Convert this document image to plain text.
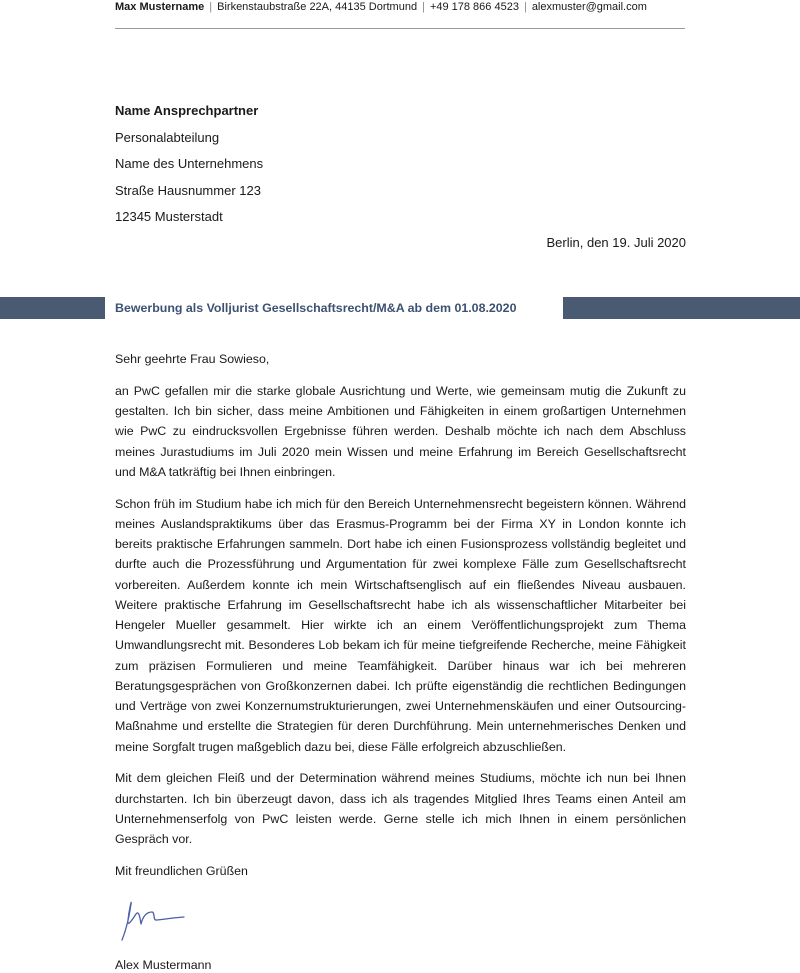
Max Mustername | Birkenstaubstraße 22A, 44135 Dortmund | +49 178 866 4523 | alexmuster@gmail.com
Name Ansprechpartner
Personalabteilung
Name des Unternehmens
Straße Hausnummer 123
12345 Musterstadt
Berlin, den 19. Juli 2020
Bewerbung als Volljurist Gesellschaftsrecht/M&A ab dem 01.08.2020

Sehr geehrte Frau Sowieso,

an PwC gefallen mir die starke globale Ausrichtung und Werte, wie gemeinsam mutig die Zukunft zu gestalten. Ich bin sicher, dass meine Ambitionen und Fähigkeiten in einem großartigen Unternehmen wie PwC zu eindrucksvollen Ergebnisse führen werden. Deshalb möchte ich nach dem Abschluss meines Jurastudiums im Juli 2020 mein Wissen und meine Erfahrung im Bereich Gesellschaftsrecht und M&A tatkräftig bei Ihnen einbringen.

Schon früh im Studium habe ich mich für den Bereich Unternehmensrecht begeistern können. Während meines Auslandspraktikums über das Erasmus-Programm bei der Firma XY in London konnte ich bereits praktische Erfahrungen sammeln. Dort habe ich einen Fusionsprozess vollständig begleitet und durfte auch die Prozessführung und Argumentation für zwei komplexe Fälle zum Gesellschaftsrecht vorbereiten. Außerdem konnte ich mein Wirtschaftsenglisch auf ein fließendes Niveau ausbauen. Weitere praktische Erfahrung im Gesellschaftsrecht habe ich als wissenschaftlicher Mitarbeiter bei Hengeler Mueller gesammelt. Hier wirkte ich an einem Veröffentlichungsprojekt zum Thema Umwandlungsrecht mit. Besonderes Lob bekam ich für meine tiefgreifende Recherche, meine Fähigkeit zum präzisen Formulieren und meine Teamfähigkeit. Darüber hinaus war ich bei mehreren Beratungsgesprächen von Großkonzernen dabei. Ich prüfte eigenständig die rechtlichen Bedingungen und Verträge von zwei Konzernumstrukturierungen, zwei Unternehmenskäufen und einer Outsourcing-Maßnahme und erstellte die Strategien für deren Durchführung. Mein unternehmerisches Denken und meine Sorgfalt trugen maßgeblich dazu bei, diese Fälle erfolgreich abzuschließen.

Mit dem gleichen Fleiß und der Determination während meines Studiums, möchte ich nun bei Ihnen durchstarten. Ich bin überzeugt davon, dass ich als tragendes Mitglied Ihres Teams einen Anteil am Unternehmenserfolg von PwC leisten werde. Gerne stelle ich mich Ihnen in einem persönlichen Gespräch vor.

Mit freundlichen Grüßen

Alex Mustermann
